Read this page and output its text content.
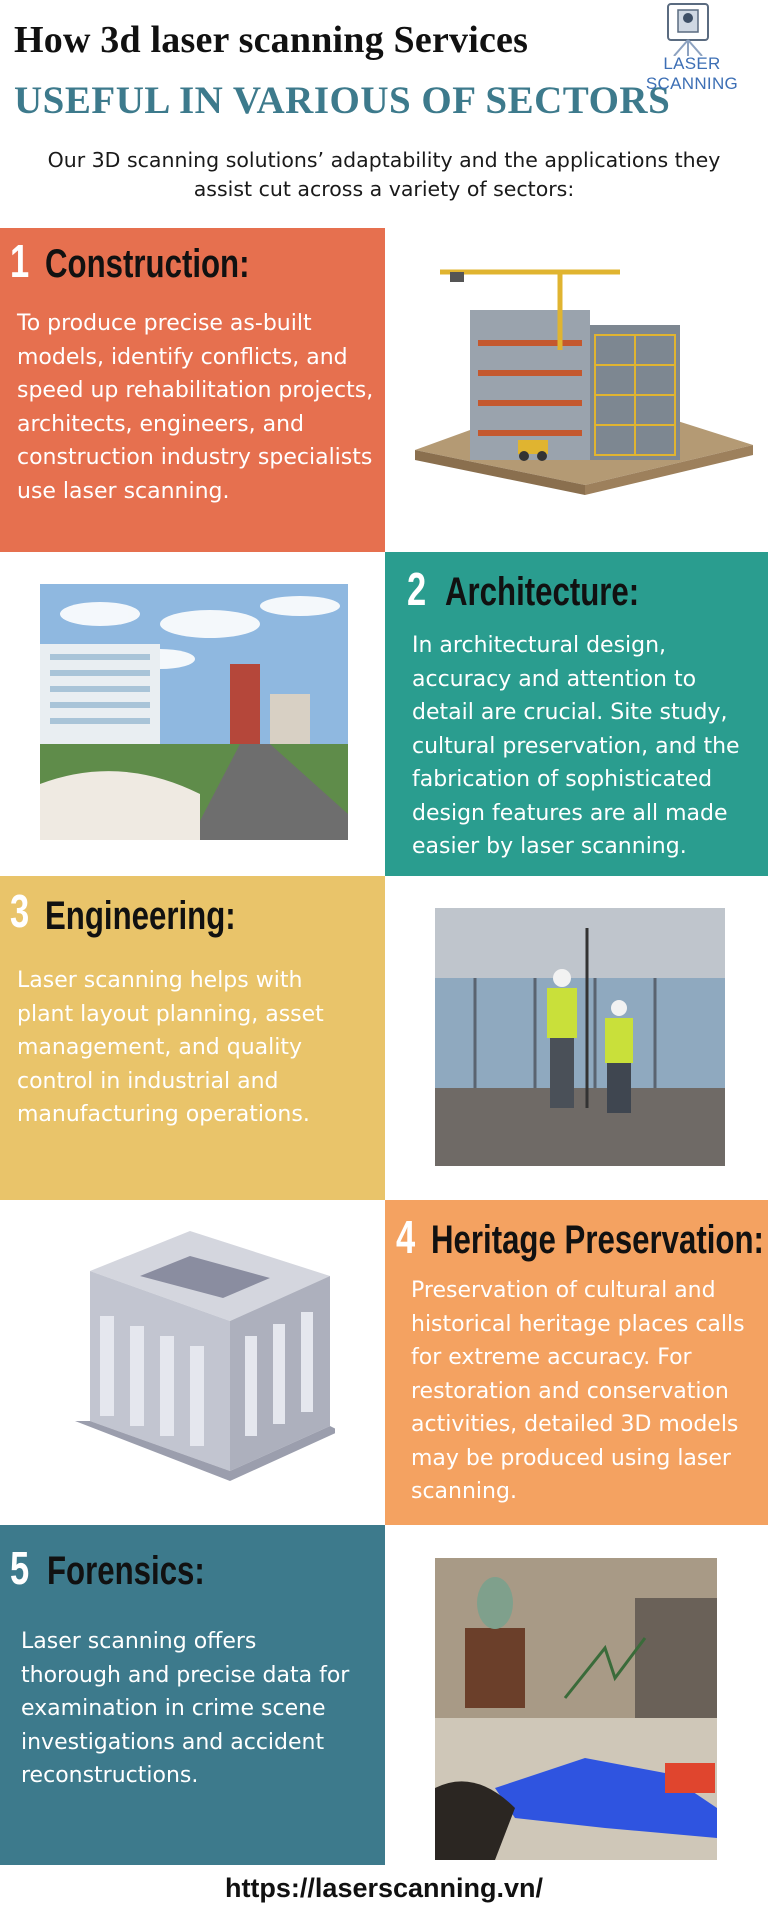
How 3d laser scanning Services
USEFUL IN VARIOUS OF SECTORS
LASER SCANNING
Our 3D scanning solutions’ adaptability and the applications they assist cut across a variety of sectors:
1 Construction:
To produce precise as-built models, identify conflicts, and speed up rehabilitation projects, architects, engineers, and construction industry specialists use laser scanning.
2 Architecture:
In architectural design, accuracy and attention to detail are crucial. Site study, cultural preservation, and the fabrication of sophisticated design features are all made easier by laser scanning.
3 Engineering:
Laser scanning helps with plant layout planning, asset management, and quality control in industrial and manufacturing operations.
4 Heritage Preservation:
Preservation of cultural and historical heritage places calls for extreme accuracy. For restoration and conservation activities, detailed 3D models may be produced using laser scanning.
5 Forensics:
Laser scanning offers thorough and precise data for examination in crime scene investigations and accident reconstructions.
https://laserscanning.vn/
